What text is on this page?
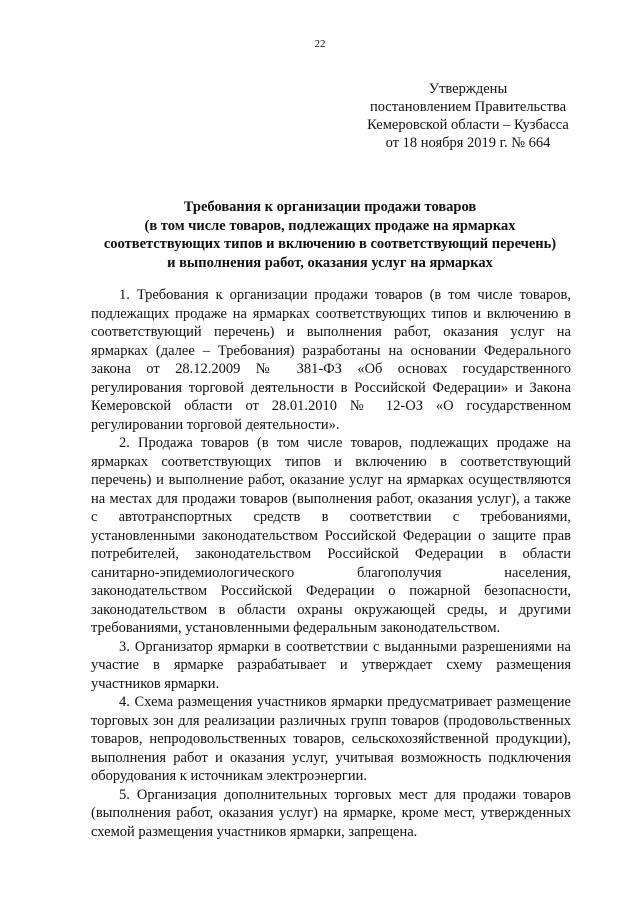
22
Утверждены
постановлением Правительства
Кемеровской области – Кузбасса
от 18 ноября 2019 г. № 664
Требования к организации продажи товаров
(в том числе товаров, подлежащих продаже на ярмарках
соответствующих типов и включению в соответствующий перечень)
и выполнения работ, оказания услуг на ярмарках

1. Требования к организации продажи товаров (в том числе товаров, подлежащих продаже на ярмарках соответствующих типов и включению в соответствующий перечень) и выполнения работ, оказания услуг на ярмарках (далее – Требования) разработаны на основании Федерального закона от 28.12.2009 № 381-ФЗ «Об основах государственного регулирования торговой деятельности в Российской Федерации» и Закона Кемеровской области от 28.01.2010 № 12-ОЗ «О государственном регулировании торговой деятельности».

2. Продажа товаров (в том числе товаров, подлежащих продаже на ярмарках соответствующих типов и включению в соответствующий перечень) и выполнение работ, оказание услуг на ярмарках осуществляются на местах для продажи товаров (выполнения работ, оказания услуг), а также с автотранспортных средств в соответствии с требованиями, установленными законодательством Российской Федерации о защите прав потребителей, законодательством Российской Федерации в области санитарно-эпидемиологического благополучия населения, законодательством Российской Федерации о пожарной безопасности, законодательством в области охраны окружающей среды, и другими требованиями, установленными федеральным законодательством.

3. Организатор ярмарки в соответствии с выданными разрешениями на участие в ярмарке разрабатывает и утверждает схему размещения участников ярмарки.

4. Схема размещения участников ярмарки предусматривает размещение торговых зон для реализации различных групп товаров (продовольственных товаров, непродовольственных товаров, сельскохозяйственной продукции), выполнения работ и оказания услуг, учитывая возможность подключения оборудования к источникам электроэнергии.

5. Организация дополнительных торговых мест для продажи товаров (выполнения работ, оказания услуг) на ярмарке, кроме мест, утвержденных схемой размещения участников ярмарки, запрещена.
